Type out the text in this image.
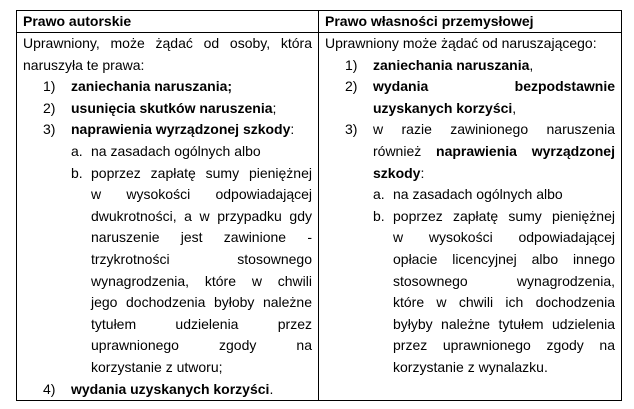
Prawo autorskie	Prawo własności przemysłowej

Uprawniony, może żądać od osoby, która
naruszyła te prawa:
1) zaniechania naruszania;
2) usunięcia skutków naruszenia;
3) naprawienia wyrządzonej szkody:
a. na zasadach ogólnych albo
b. poprzez zapłatę sumy pieniężnej
w wysokości odpowiadającej
dwukrotności, a w przypadku gdy
naruszenie jest zawinione -
trzykrotności stosownego
wynagrodzenia, które w chwili
jego dochodzenia byłoby należne
tytułem udzielenia przez
uprawnionego zgody na
korzystanie z utworu;
4) wydania uzyskanych korzyści.

Uprawniony może żądać od naruszającego:
1) zaniechania naruszania,
2) wydania bezpodstawnie
uzyskanych korzyści,
3) w razie zawinionego naruszenia
również naprawienia wyrządzonej
szkody:
a. na zasadach ogólnych albo
b. poprzez zapłatę sumy pieniężnej
w wysokości odpowiadającej
opłacie licencyjnej albo innego
stosownego wynagrodzenia,
które w chwili ich dochodzenia
byłyby należne tytułem udzielenia
przez uprawnionego zgody na
korzystanie z wynalazku.
